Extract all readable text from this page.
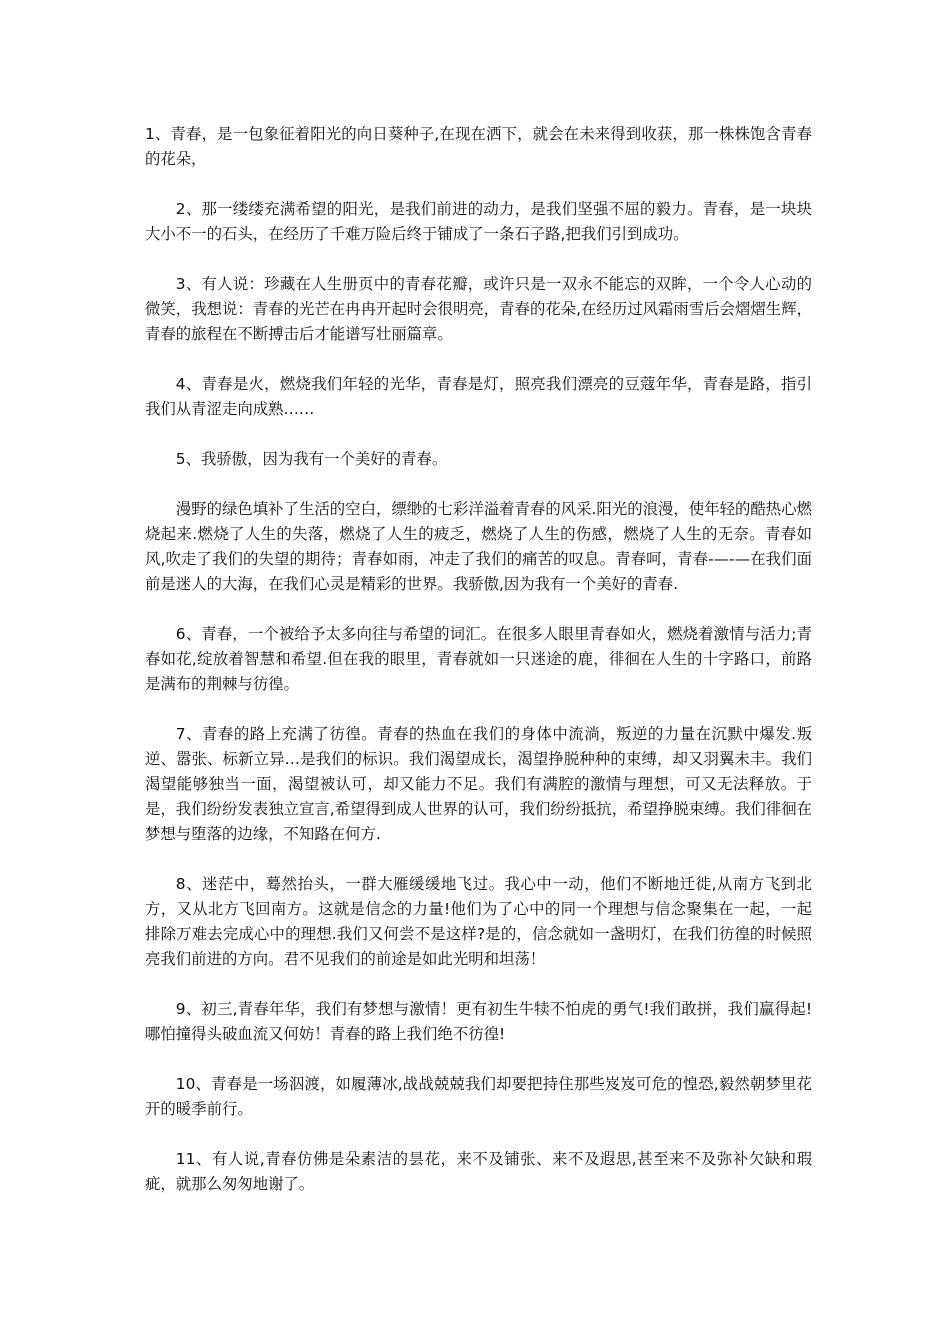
1、青春，是一包象征着阳光的向日葵种子,在现在洒下，就会在未来得到收获，那一株株饱含青春的花朵，

2、那一缕缕充满希望的阳光，是我们前进的动力，是我们坚强不屈的毅力。青春，是一块块大小不一的石头，在经历了千难万险后终于铺成了一条石子路,把我们引到成功。

3、有人说：珍藏在人生册页中的青春花瓣，或许只是一双永不能忘的双眸，一个令人心动的微笑，我想说：青春的光芒在冉冉开起时会很明亮，青春的花朵,在经历过风霜雨雪后会熠熠生辉，青春的旅程在不断搏击后才能谱写壮丽篇章。

4、青春是火，燃烧我们年轻的光华，青春是灯，照亮我们漂亮的豆蔻年华，青春是路，指引我们从青涩走向成熟……

5、我骄傲，因为我有一个美好的青春。

漫野的绿色填补了生活的空白，缥缈的七彩洋溢着青春的风采.阳光的浪漫，使年轻的酷热心燃烧起来.燃烧了人生的失落，燃烧了人生的疲乏，燃烧了人生的伤感，燃烧了人生的无奈。青春如风,吹走了我们的失望的期待；青春如雨，冲走了我们的痛苦的叹息。青春呵，青春-—-—在我们面前是迷人的大海，在我们心灵是精彩的世界。我骄傲,因为我有一个美好的青春.

6、青春，一个被给予太多向往与希望的词汇。在很多人眼里青春如火，燃烧着激情与活力;青春如花,绽放着智慧和希望.但在我的眼里，青春就如一只迷途的鹿，徘徊在人生的十字路口，前路是满布的荆棘与彷徨。

7、青春的路上充满了彷徨。青春的热血在我们的身体中流淌，叛逆的力量在沉默中爆发.叛逆、嚣张、标新立异…是我们的标识。我们渴望成长，渴望挣脱种种的束缚，却又羽翼未丰。我们渴望能够独当一面，渴望被认可，却又能力不足。我们有满腔的激情与理想，可又无法释放。于是，我们纷纷发表独立宣言,希望得到成人世界的认可，我们纷纷抵抗，希望挣脱束缚。我们徘徊在梦想与堕落的边缘，不知路在何方.

8、迷茫中，蓦然抬头，一群大雁缓缓地飞过。我心中一动，他们不断地迁徙,从南方飞到北方，又从北方飞回南方。这就是信念的力量!他们为了心中的同一个理想与信念聚集在一起，一起排除万难去完成心中的理想.我们又何尝不是这样?是的，信念就如一盏明灯，在我们彷徨的时候照亮我们前进的方向。君不见我们的前途是如此光明和坦荡！

9、初三,青春年华，我们有梦想与激情！更有初生牛犊不怕虎的勇气!我们敢拼，我们赢得起!哪怕撞得头破血流又何妨！青春的路上我们绝不彷徨!

10、青春是一场泅渡，如履薄冰,战战兢兢我们却要把持住那些岌岌可危的惶恐,毅然朝梦里花开的暖季前行。

11、有人说,青春仿佛是朵素洁的昙花，来不及铺张、来不及遐思,甚至来不及弥补欠缺和瑕疵，就那么匆匆地谢了。
